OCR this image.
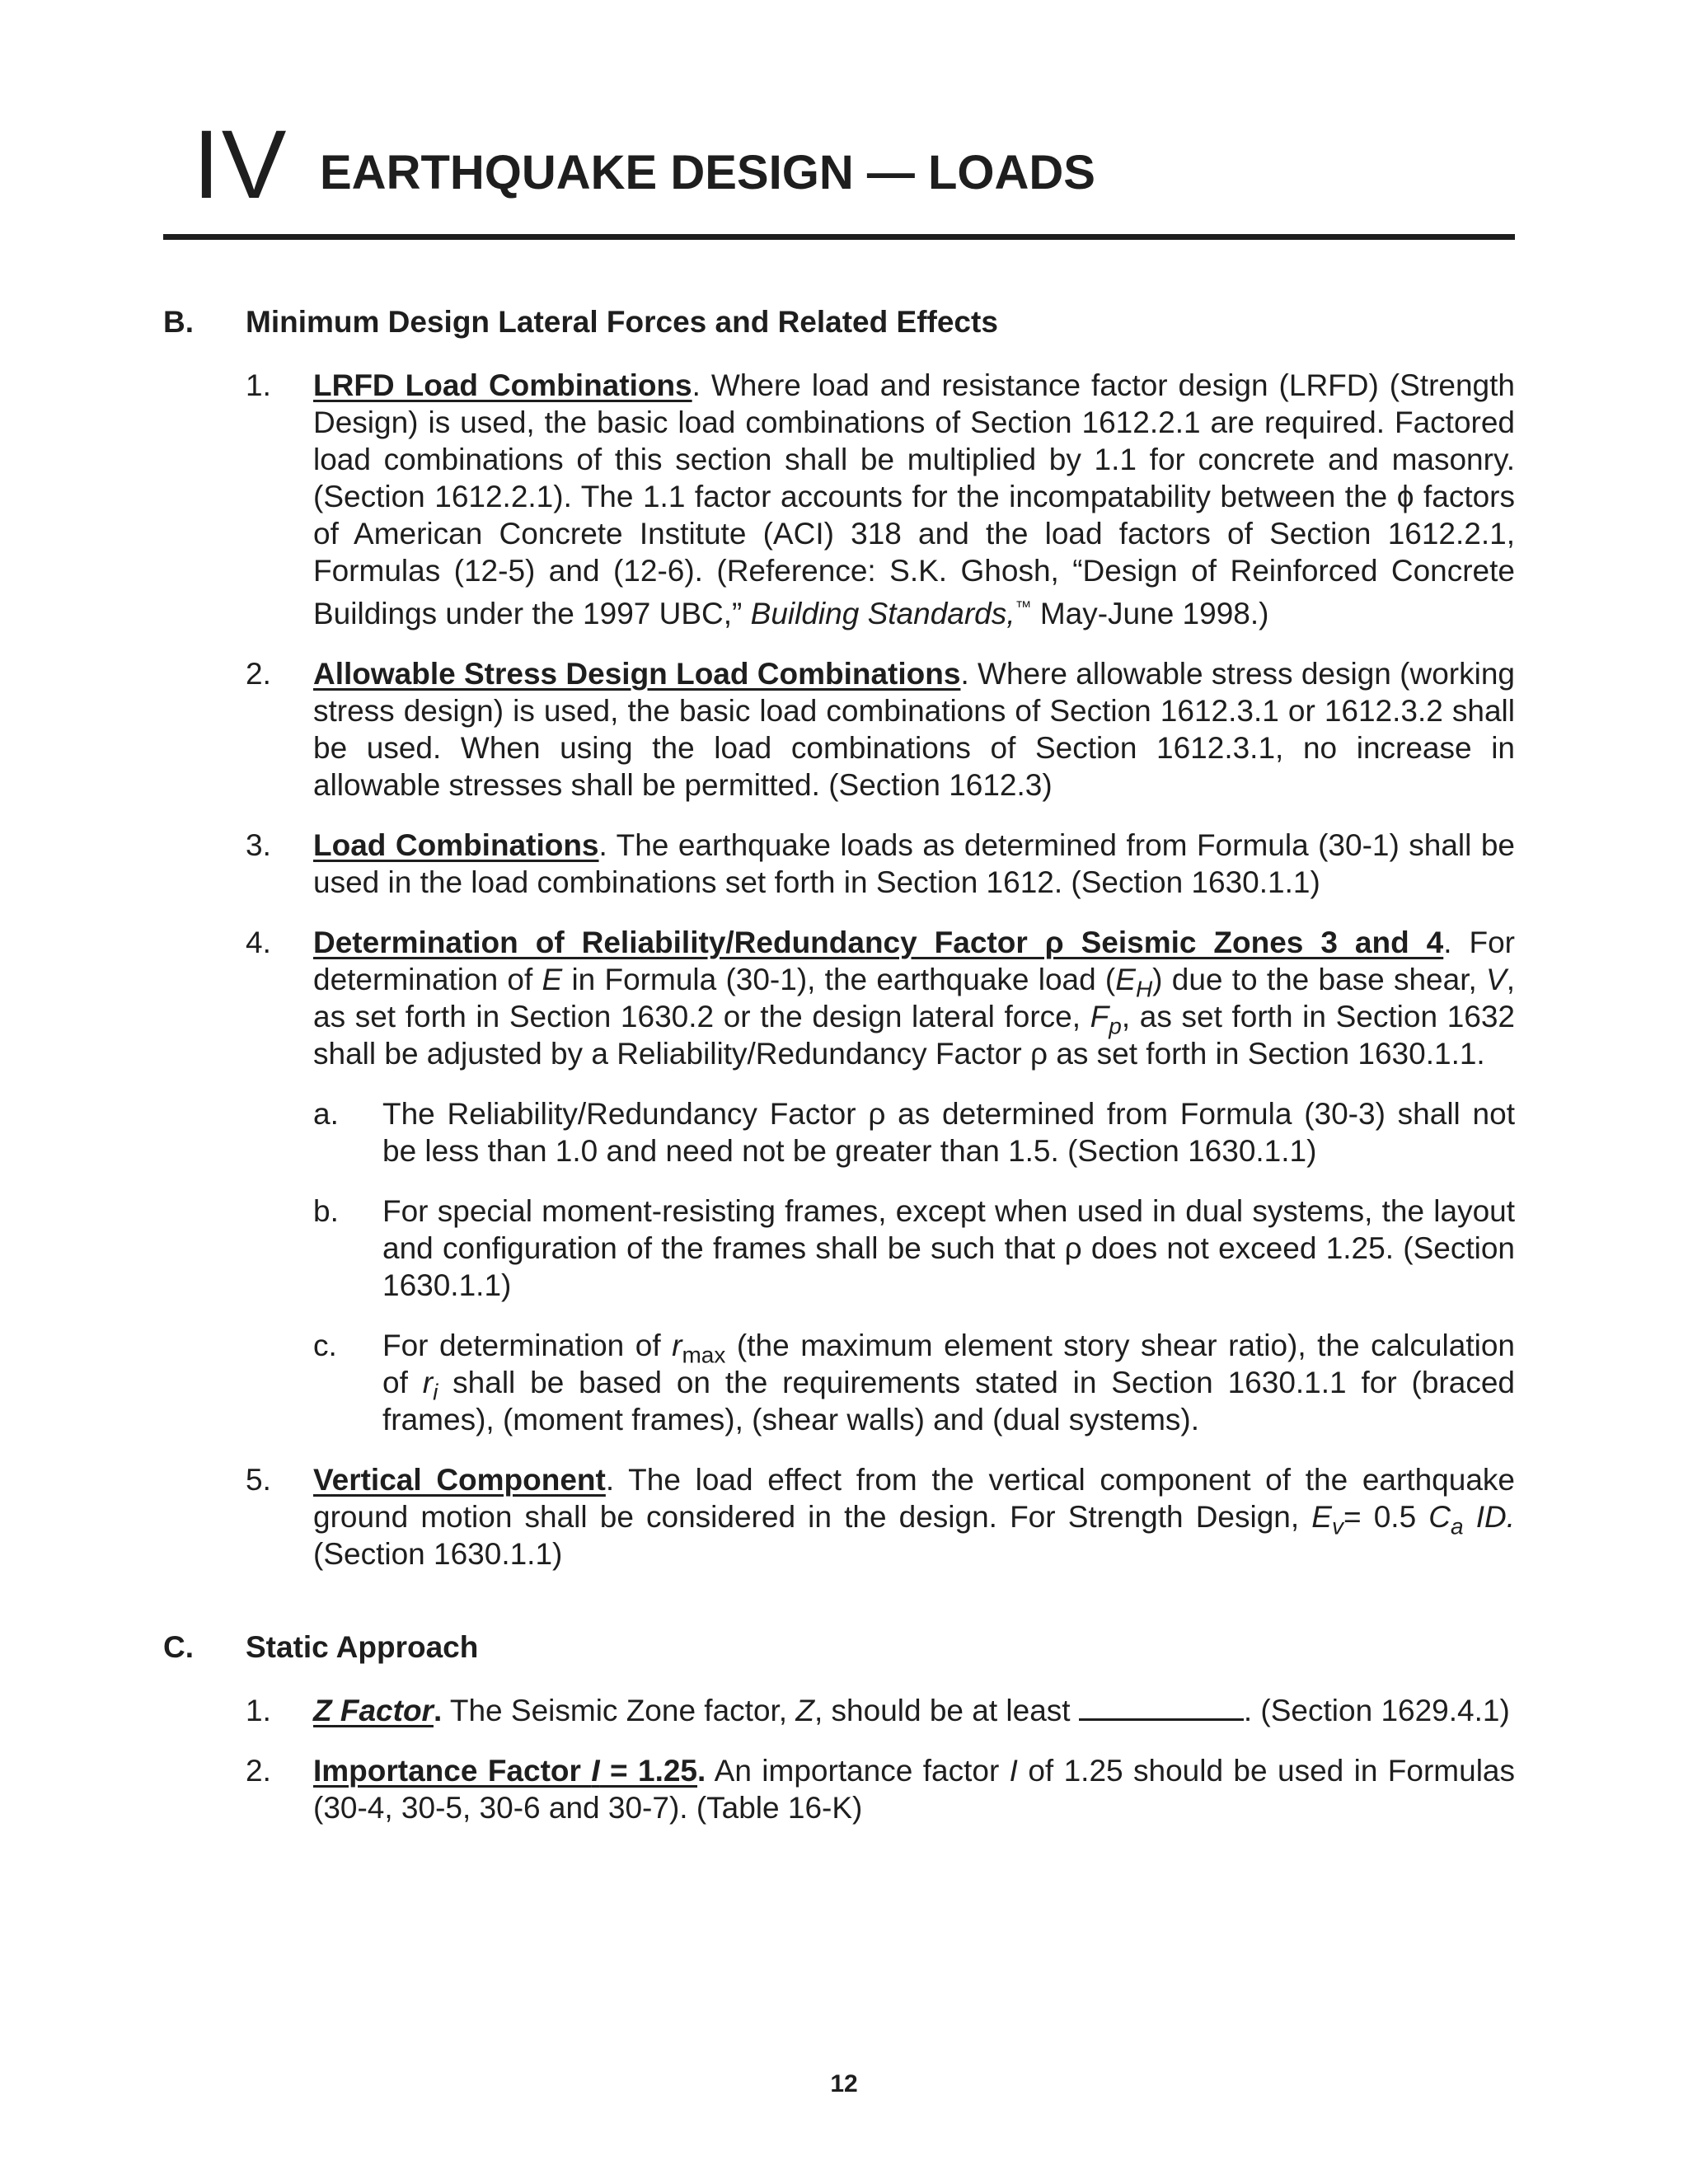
IV EARTHQUAKE DESIGN — LOADS
B.	Minimum Design Lateral Forces and Related Effects
1.	LRFD Load Combinations. Where load and resistance factor design (LRFD) (Strength Design) is used, the basic load combinations of Section 1612.2.1 are required. Factored load combinations of this section shall be multiplied by 1.1 for concrete and masonry. (Section 1612.2.1). The 1.1 factor accounts for the incompatability between the ϕ factors of American Concrete Institute (ACI) 318 and the load factors of Section 1612.2.1, Formulas (12-5) and (12-6). (Reference: S.K. Ghosh, “Design of Reinforced Concrete Buildings under the 1997 UBC,” Building Standards,™ May-June 1998.)
2.	Allowable Stress Design Load Combinations. Where allowable stress design (working stress design) is used, the basic load combinations of Section 1612.3.1 or 1612.3.2 shall be used. When using the load combinations of Section 1612.3.1, no increase in allowable stresses shall be permitted. (Section 1612.3)
3.	Load Combinations. The earthquake loads as determined from Formula (30-1) shall be used in the load combinations set forth in Section 1612. (Section 1630.1.1)
4.	Determination of Reliability/Redundancy Factor ρ Seismic Zones 3 and 4. For determination of E in Formula (30-1), the earthquake load $(E_H)$ due to the base shear, V, as set forth in Section 1630.2 or the design lateral force, $F_p$, as set forth in Section 1632 shall be adjusted by a Reliability/Redundancy Factor ρ as set forth in Section 1630.1.1.
a.	The Reliability/Redundancy Factor ρ as determined from Formula (30-3) shall not be less than 1.0 and need not be greater than 1.5. (Section 1630.1.1)
b.	For special moment-resisting frames, except when used in dual systems, the layout and configuration of the frames shall be such that ρ does not exceed 1.25. (Section 1630.1.1)
c.	For determination of $r_{max}$ (the maximum element story shear ratio), the calculation of $r_i$ shall be based on the requirements stated in Section 1630.1.1 for (braced frames), (moment frames), (shear walls) and (dual systems).
5.	Vertical Component. The load effect from the vertical component of the earthquake ground motion shall be considered in the design. For Strength Design, $E_v= 0.5$ $C_a$ ID. (Section 1630.1.1)
C.	Static Approach
1.	Z Factor. The Seismic Zone factor, Z, should be at least	. (Section 1629.4.1)
2.	Importance Factor I = 1.25. An importance factor I of 1.25 should be used in Formulas (30-4, 30-5, 30-6 and 30-7). (Table 16-K)
12
